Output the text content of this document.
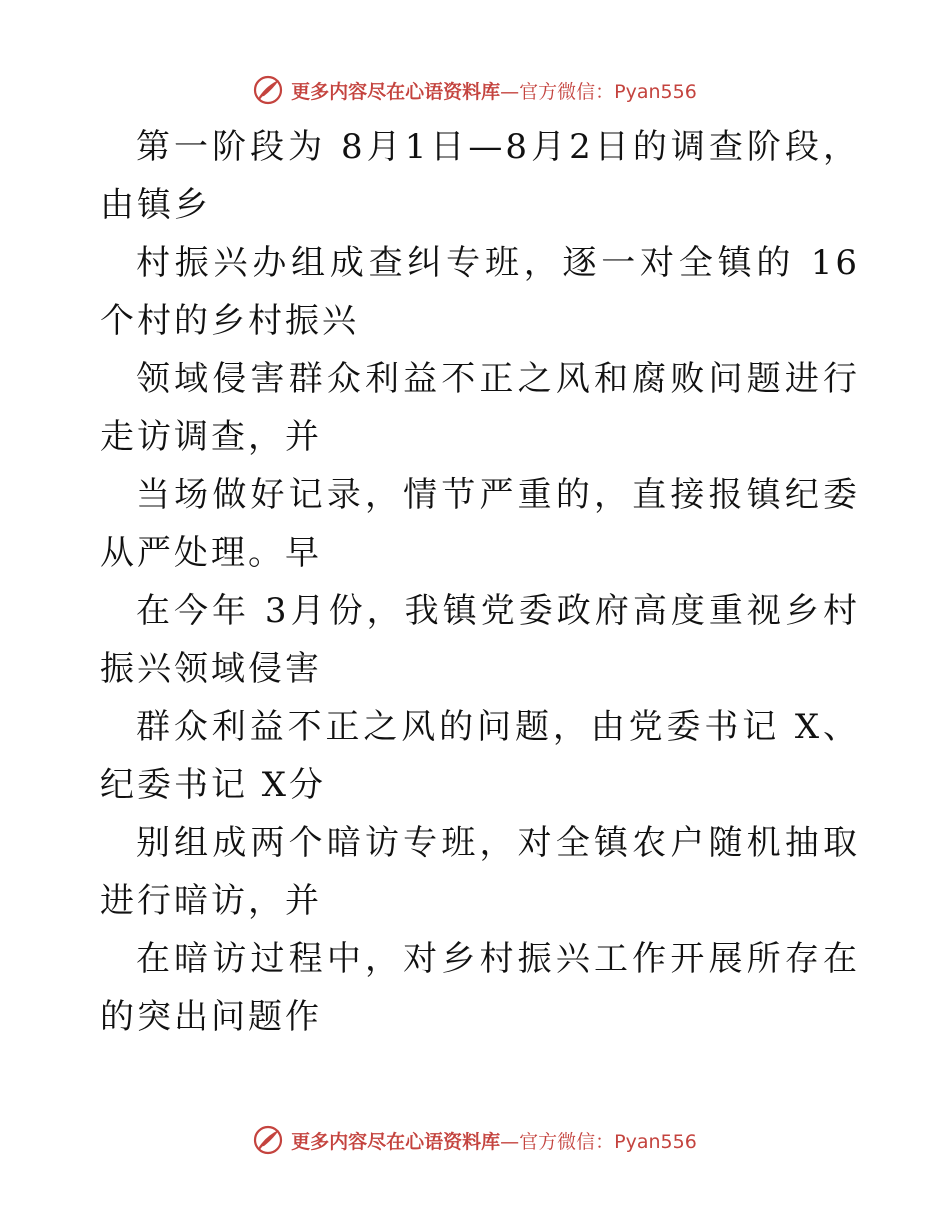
更多内容尽在心语资料库 —官方微信：Pyan556

第一阶段为 8月1日—8月2日的调查阶段，由镇乡

村振兴办组成查纠专班，逐一对全镇的 16 个村的乡村振兴

领域侵害群众利益不正之风和腐败问题进行走访调查，并

当场做好记录，情节严重的，直接报镇纪委从严处理。早

在今年 3月份，我镇党委政府高度重视乡村振兴领域侵害

群众利益不正之风的问题，由党委书记 X、纪委书记 X分

别组成两个暗访专班，对全镇农户随机抽取进行暗访，并

在暗访过程中，对乡村振兴工作开展所存在的突出问题作

更多内容尽在心语资料库 —官方微信：Pyan556
